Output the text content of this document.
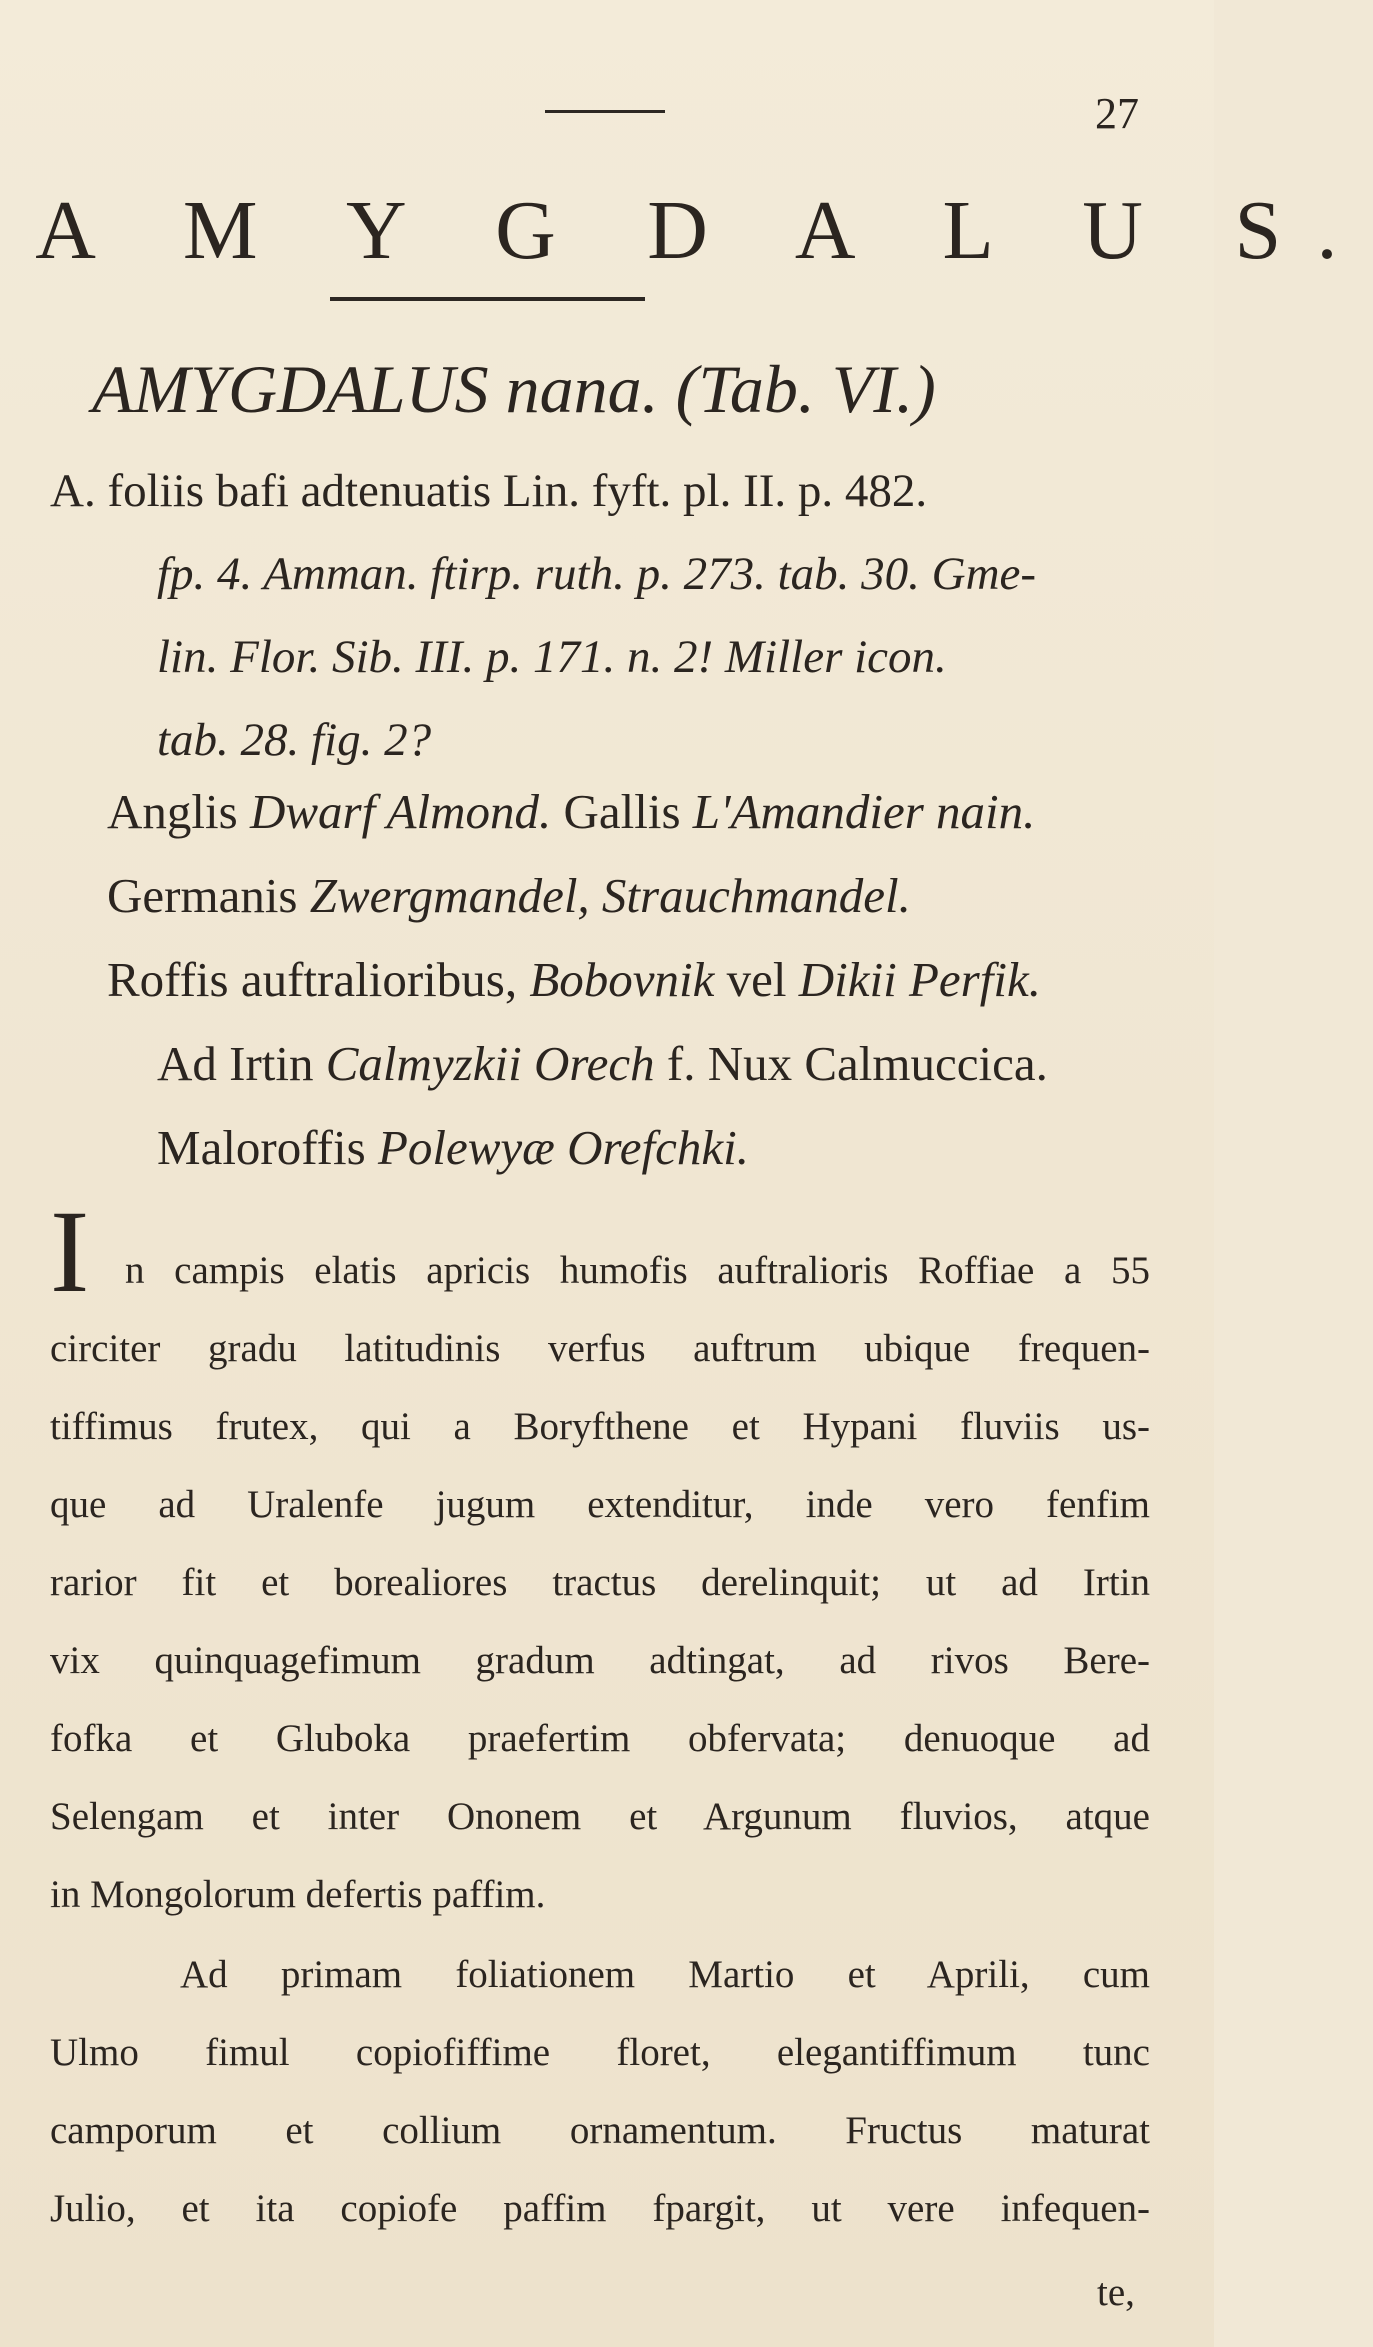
27
A M Y G D A L U S.
AMYGDALUS nana. (Tab. VI.)
A. foliis bafi adtenuatis Lin. fyft. pl. II. p. 482.
fp. 4. Amman. ftirp. ruth. p. 273. tab. 30. Gme-
lin. Flor. Sib. III. p. 171. n. 2! Miller icon.
tab. 28. fig. 2?
Anglis Dwarf Almond. Gallis L'Amandier nain.
Germanis Zwergmandel, Strauchmandel.
Roffis auftralioribus, Bobovnik vel Dikii Perfik.
Ad Irtin Calmyzkii Orech f. Nux Calmuccica.
Maloroffis Polewyæ Orefchki.
I n campis elatis apricis humofis auftralioris Roffiae a 55
circiter gradu latitudinis verfus auftrum ubique frequen-
tiffimus frutex, qui a Boryfthene et Hypani fluviis us-
que ad Uralenfe jugum extenditur, inde vero fenfim
rarior fit et borealiores tractus derelinquit; ut ad Irtin
vix quinquagefimum gradum adtingat, ad rivos Bere-
fofka et Gluboka praefertim obfervata; denuoque ad
Selengam et inter Ononem et Argunum fluvios, atque
in Mongolorum defertis paffim.
Ad primam foliationem Martio et Aprili, cum
Ulmo fimul copiofiffime floret, elegantiffimum tunc
camporum et collium ornamentum. Fructus maturat
Julio, et ita copiofe paffim fpargit, ut vere infequen-
te,
